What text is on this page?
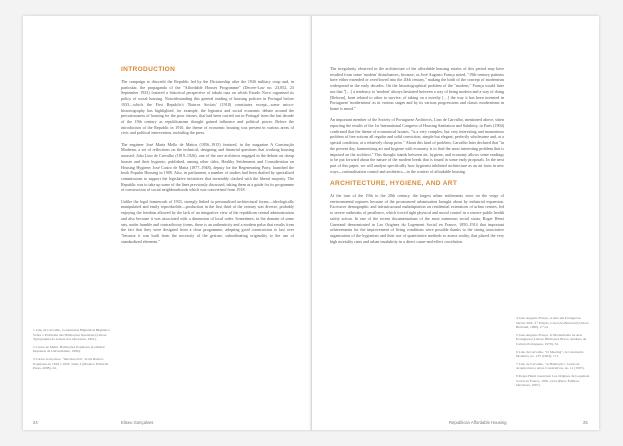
INTRODUCTION

The campaign to discredit the Republic led by the Dictatorship after the 1926 military coup and, in particular, the propaganda of the "Affordable Houses Programme" (Decree-Law no. 23,052, 23 September 1933) fostered a historical perspective of tabula rasa on which Estado Novo organised its policy of social housing. Notwithstanding this general reading of housing policies in Portugal before 1933—which the First Republic's 'Bairros Sociais' (1918) constitutes except—some micro-historiography has highlighted, for example, the legionist and social economic debate around the precariousness of housing for the poor classes, that had been carried out in Portugal from the last decade of the 19th century as republicanism thought gained influence and political power. Before the introduction of the Republic in 1910, the theme of economic housing was present in various areas of civic and political intervention, including the press.

The engineer José Maria Mello de Mattos (1856–1915) featured, in the magazine A Construção Moderna, a set of reflections on the technical, designing and financial questions that working housing aroused; João Lino de Carvalho (1819–1926), one of the rare architects engaged in the debate on cheap houses and their hygienic, published, among other titles, Healthy Settlements and Consideration on Housing Hygiene; José Castro de Matta (1877–1948), deputy for the Regenerating Party, launched the book Popular Housing in 1909. Also, in parliament, a number of studies had been drafted by specialised commissions to support the legislative initiatives that invariably clashed with the liberal majority. The Republic was to take up some of the lines previously discussed, taking them as a guide for its programme of construction of social neighbourhoods which was concretized from 1918.

Unlike the legal framework of 1933, strongly linked to personalised architectural forms—ideologically manipulated and easily reproducible—production in the first third of the century was diverse, probably enjoying the freedom allowed by the lack of an integrative view of the republican central administration and also because it was associated with a dimension of local order. Sometimes, in the domain of some sets, under humble and contradictory forms, there is an authenticity and a modern pulse that results from the fact that they were designed from a clear programme, adopting good construction to last over "because it was built from the necessity of the gesture, subordinating originality to the use of standardized elements."

1 Lino de Carvalho, Construções Higiénicas Higiénica Sobre o Problema das Habitações Operárias (Lisboa: Typographia da Gazeta dos Operarios, 1901).

2 Castro de Matta, Habitações Populares (Coimbra: Imprensa da Universidade, 1909).

3 Carlos Gonçalves, "Introducción", in Os Bairros Populares do 1918 a 1933, Tomo I (Mateira: Editorial Presa, 2008), 24.

24	Eliseu Gonçalves

The irregularity observed in the architecture of the affordable housing estates of this period may have resulted from some 'modern' disturbances, because, as José Augusto França noted, "19th-century patterns have either extended or overflowed into the 20th century," making the birth of the concept of modernism widespread in the early decades. On the historiographical problem of the "modern," França would later use that "[…] a tendency to 'modern' always hesitated between a way of being modern and a way of doing [Reform], born related to other to survive, of taking on a novelty […] the way it has been invented in Portuguese 'modernisms' as in various stages and by its various progressions and classic modernisms in home is mood."

An important member of the Society of Portuguese Architects, Lino de Carvalho, mentioned above, when reporting the results of the 1st International Congress of Housing Sanitation and Salubrity, in Paris (1904) confirmed that the theme of economical houses, "is a very complex, but very interesting and momentous problem of free actions all regular and solid conviction, simple but elegant, perfectly wholesome and, at a special condition, at a relatively cheap price." About this kind of problem, Carvalho later declared that "in the present day, harmonising art and hygiene with economy is to find the most interesting problem that is imposed on the architect." This thought stands between art, hygiene, and economy allows some readings to be put forward about the nature of the modern break that is found in some early proposals. In the next part of this paper, we will analyse specifically how hygienist inhibited architecture as an art form in new ways—rationalisation control and aesthetics—in the context of affordable housing.

ARCHITECTURE, HYGIENE, AND ART

At the turn of the 19th to the 20th century, the largest urban settlements were on the verge of environmental ruptures because of the pronounced urbanisation brought about by industrial expansion. Excessive demographic and infrastructural maladaptation on residential extensions of urban centres, led to severe outbreaks of pestilence, which forced tight physical and moral control in a sincere public health safety action. In one of the recent documentations of the most numerous social strata, Roger Henri Guerrand demonstrated in Les Origines du Logement Social en France, 1850–1914 that important achievements for the improvement of living conditions were possible thanks to the strong associative organisation of the hygienists and their use of quantitative methods to assess reality, that placed the very high mortality rates and urban insalubrity in a direct cause-and-effect correlation.

4 José-Augusto França, A Arte em Portugal no Século XIX, 3.ª Edição, Colecção Bertrand (Lisboa: Bertrand, 1990), 2.ª ed.

5 José-Augusto França, O Modernismo na Arte Portuguesa (Lisboa: Biblioteca Breve, Instituto de Cultura Portuguesa, 1979), 32.

6 Lino de Carvalho, "O Meeting", A Construção Moderna, no. 133 (1904): 171.

7 Lino de Carvalho, "A Habitação", Jornal de Arquitectura e Artes Construtivas, no. 11 (1907).

8 Roger-Henri Guerrand, Les Origines du Logement Social en France, 1850–1914 (Paris: Éditions Ouvrières, 1967).

Republican Affordable Housing	25
